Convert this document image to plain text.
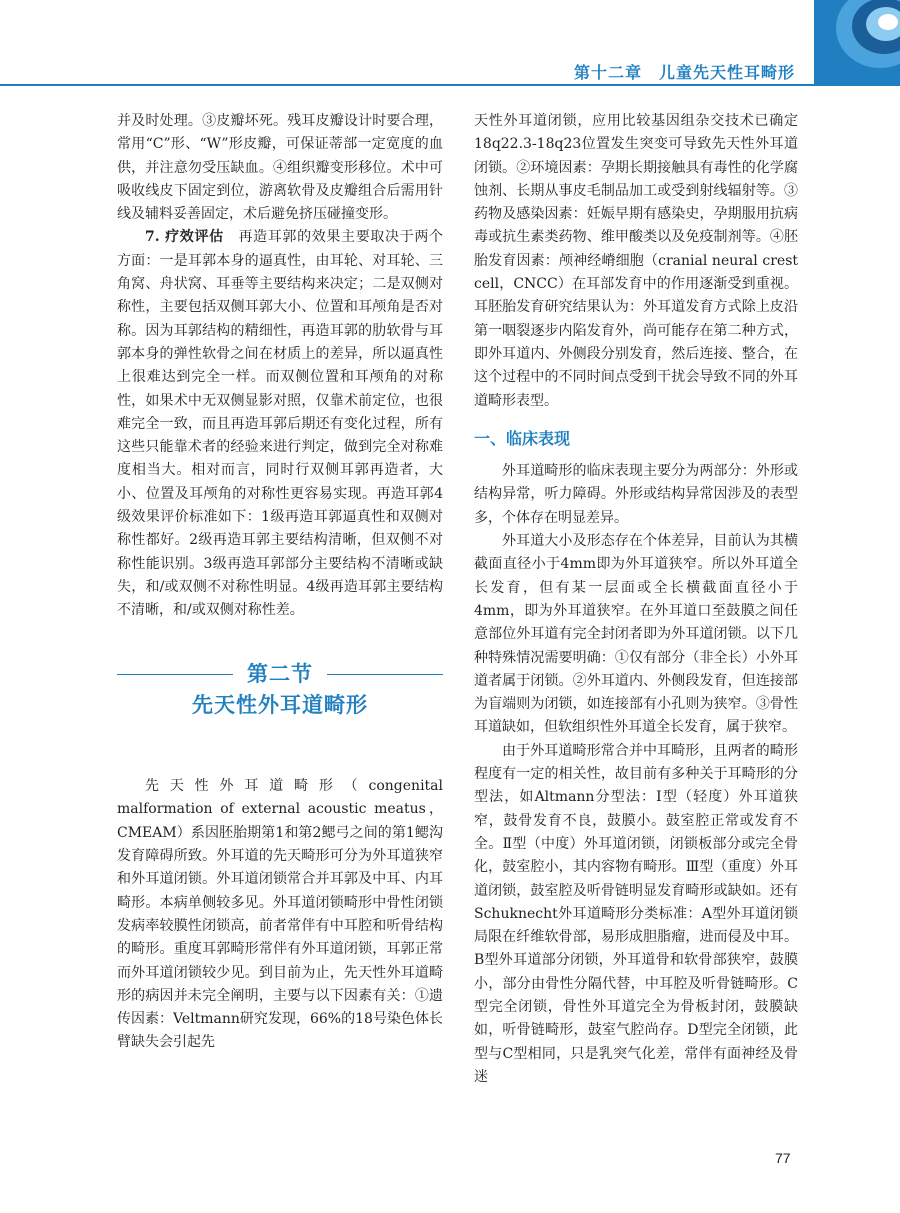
第十二章　儿童先天性耳畸形

并及时处理。③皮瓣坏死。残耳皮瓣设计时要合理，常用“C”形、“W”形皮瓣，可保证蒂部一定宽度的血供，并注意勿受压缺血。④组织瓣变形移位。术中可吸收线皮下固定到位，游离软骨及皮瓣组合后需用针线及辅料妥善固定，术后避免挤压碰撞变形。

7. 疗效评估　 再造耳郭的效果主要取决于两个方面：一是耳郭本身的逼真性，由耳轮、对耳轮、三角窝、舟状窝、耳垂等主要结构来决定；二是双侧对称性，主要包括双侧耳郭大小、位置和耳颅角是否对称。因为耳郭结构的精细性，再造耳郭的肋软骨与耳郭本身的弹性软骨之间在材质上的差异，所以逼真性上很难达到完全一样。而双侧位置和耳颅角的对称性，如果术中无双侧显影对照，仅靠术前定位，也很难完全一致，而且再造耳郭后期还有变化过程，所有这些只能靠术者的经验来进行判定，做到完全对称难度相当大。相对而言，同时行双侧耳郭再造者，大小、位置及耳颅角的对称性更容易实现。再造耳郭4级效果评价标准如下：1级再造耳郭逼真性和双侧对称性都好。2级再造耳郭主要结构清晰，但双侧不对称性能识别。3级再造耳郭部分主要结构不清晰或缺失，和/或双侧不对称性明显。4级再造耳郭主要结构不清晰，和/或双侧对称性差。

第二节
先天性外耳道畸形

先天性外耳道畸形（congenital malformation of external acoustic meatus，CMEAM）系因胚胎期第1和第2鳃弓之间的第1鳃沟发育障碍所致。外耳道的先天畸形可分为外耳道狭窄和外耳道闭锁。外耳道闭锁常合并耳郭及中耳、内耳畸形。本病单侧较多见。外耳道闭锁畸形中骨性闭锁发病率较膜性闭锁高，前者常伴有中耳腔和听骨结构的畸形。重度耳郭畸形常伴有外耳道闭锁，耳郭正常而外耳道闭锁较少见。到目前为止，先天性外耳道畸形的病因并未完全阐明，主要与以下因素有关：①遗传因素：Veltmann研究发现，66%的18号染色体长臂缺失会引起先

天性外耳道闭锁，应用比较基因组杂交技术已确定18q22.3-18q23位置发生突变可导致先天性外耳道闭锁。②环境因素：孕期长期接触具有毒性的化学腐蚀剂、长期从事皮毛制品加工或受到射线辐射等。③药物及感染因素：妊娠早期有感染史，孕期服用抗病毒或抗生素类药物、维甲酸类以及免疫制剂等。④胚胎发育因素：颅神经嵴细胞（cranial neural crest cell，CNCC）在耳部发育中的作用逐渐受到重视。耳胚胎发育研究结果认为：外耳道发育方式除上皮沿第一咽裂逐步内陷发育外，尚可能存在第二种方式，即外耳道内、外侧段分别发育，然后连接、整合，在这个过程中的不同时间点受到干扰会导致不同的外耳道畸形表型。

一、临床表现

外耳道畸形的临床表现主要分为两部分：外形或结构异常，听力障碍。外形或结构异常因涉及的表型多，个体存在明显差异。

外耳道大小及形态存在个体差异，目前认为其横截面直径小于4mm即为外耳道狭窄。所以外耳道全长发育，但有某一层面或全长横截面直径小于4mm，即为外耳道狭窄。在外耳道口至鼓膜之间任意部位外耳道有完全封闭者即为外耳道闭锁。以下几种特殊情况需要明确：①仅有部分（非全长）小外耳道者属于闭锁。②外耳道内、外侧段发育，但连接部为盲端则为闭锁，如连接部有小孔则为狭窄。③骨性耳道缺如，但软组织性外耳道全长发育，属于狭窄。

由于外耳道畸形常合并中耳畸形，且两者的畸形程度有一定的相关性，故目前有多种关于耳畸形的分型法，如Altmann分型法：Ⅰ型（轻度）外耳道狭窄，鼓骨发育不良，鼓膜小。鼓室腔正常或发育不全。Ⅱ型（中度）外耳道闭锁，闭锁板部分或完全骨化，鼓室腔小，其内容物有畸形。Ⅲ型（重度）外耳道闭锁，鼓室腔及听骨链明显发育畸形或缺如。还有Schuknecht外耳道畸形分类标准：A型外耳道闭锁局限在纤维软骨部，易形成胆脂瘤，进而侵及中耳。B型外耳道部分闭锁，外耳道骨和软骨部狭窄，鼓膜小，部分由骨性分隔代替，中耳腔及听骨链畸形。C型完全闭锁，骨性外耳道完全为骨板封闭，鼓膜缺如，听骨链畸形，鼓室气腔尚存。D型完全闭锁，此型与C型相同，只是乳突气化差，常伴有面神经及骨迷

77
